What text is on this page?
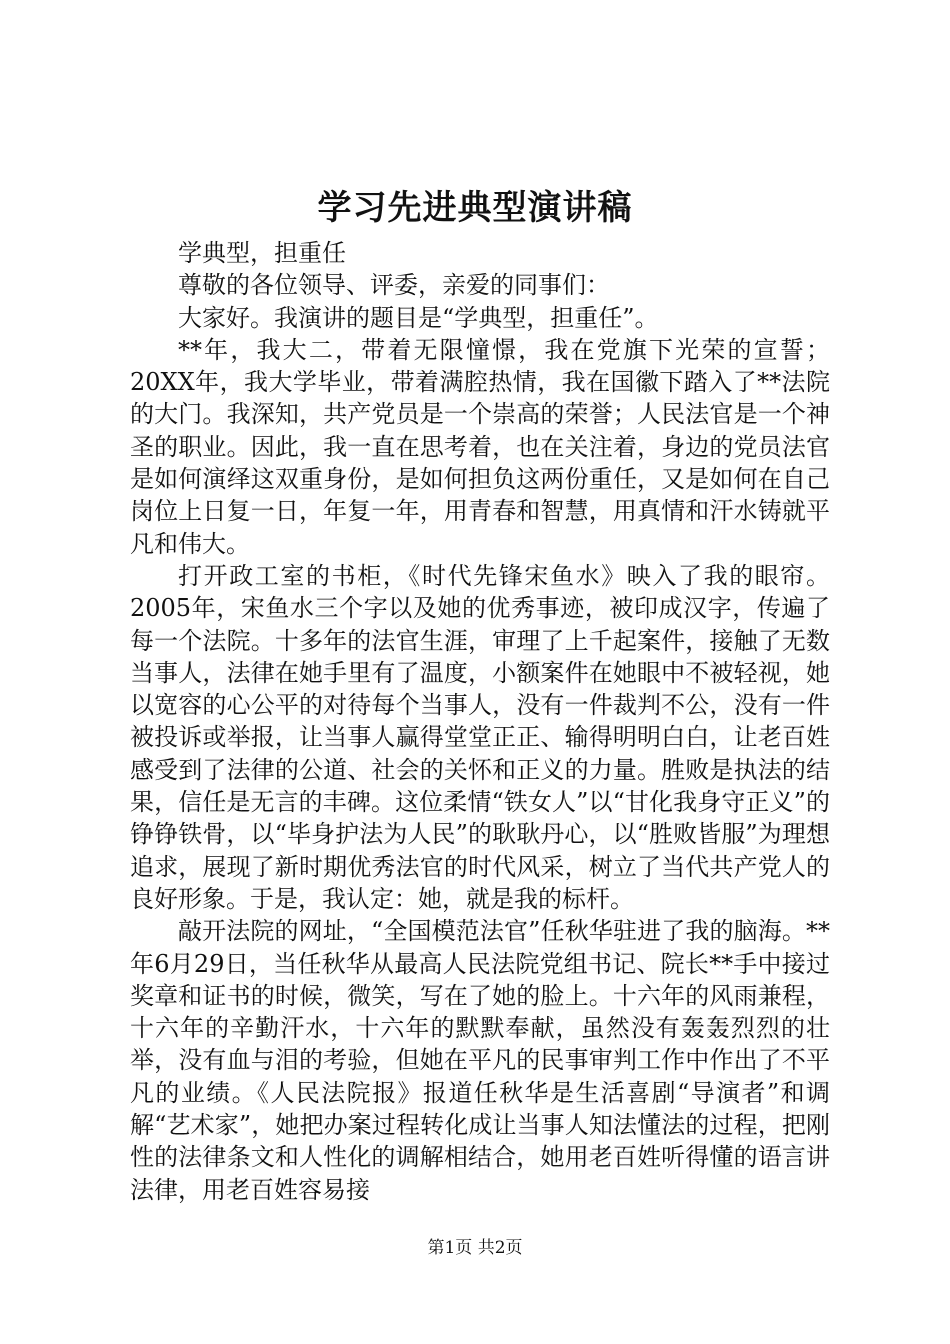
学习先进典型演讲稿

学典型，担重任

尊敬的各位领导、评委，亲爱的同事们：

大家好。我演讲的题目是“学典型，担重任”。

**年，我大二，带着无限憧憬，我在党旗下光荣的宣誓；20XX年，我大学毕业，带着满腔热情，我在国徽下踏入了**法院的大门。我深知，共产党员是一个崇高的荣誉；人民法官是一个神圣的职业。因此，我一直在思考着，也在关注着，身边的党员法官是如何演绎这双重身份，是如何担负这两份重任，又是如何在自己岗位上日复一日，年复一年，用青春和智慧，用真情和汗水铸就平凡和伟大。

打开政工室的书柜，《时代先锋宋鱼水》映入了我的眼帘。2005年，宋鱼水三个字以及她的优秀事迹，被印成汉字，传遍了每一个法院。十多年的法官生涯，审理了上千起案件，接触了无数当事人，法律在她手里有了温度，小额案件在她眼中不被轻视，她以宽容的心公平的对待每个当事人，没有一件裁判不公，没有一件被投诉或举报，让当事人赢得堂堂正正、输得明明白白，让老百姓感受到了法律的公道、社会的关怀和正义的力量。胜败是执法的结果，信任是无言的丰碑。这位柔情“铁女人”以“甘化我身守正义”的铮铮铁骨，以“毕身护法为人民”的耿耿丹心，以“胜败皆服”为理想追求，展现了新时期优秀法官的时代风采，树立了当代共产党人的良好形象。于是，我认定：她，就是我的标杆。

敲开法院的网址，“全国模范法官”任秋华驻进了我的脑海。**年6月29日，当任秋华从最高人民法院党组书记、院长**手中接过奖章和证书的时候，微笑，写在了她的脸上。十六年的风雨兼程，十六年的辛勤汗水，十六年的默默奉献，虽然没有轰轰烈烈的壮举，没有血与泪的考验，但她在平凡的民事审判工作中作出了不平凡的业绩。《人民法院报》报道任秋华是生活喜剧“导演者”和调解“艺术家”，她把办案过程转化成让当事人知法懂法的过程，把刚性的法律条文和人性化的调解相结合，她用老百姓听得懂的语言讲法律，用老百姓容易接

第1页 共2页
